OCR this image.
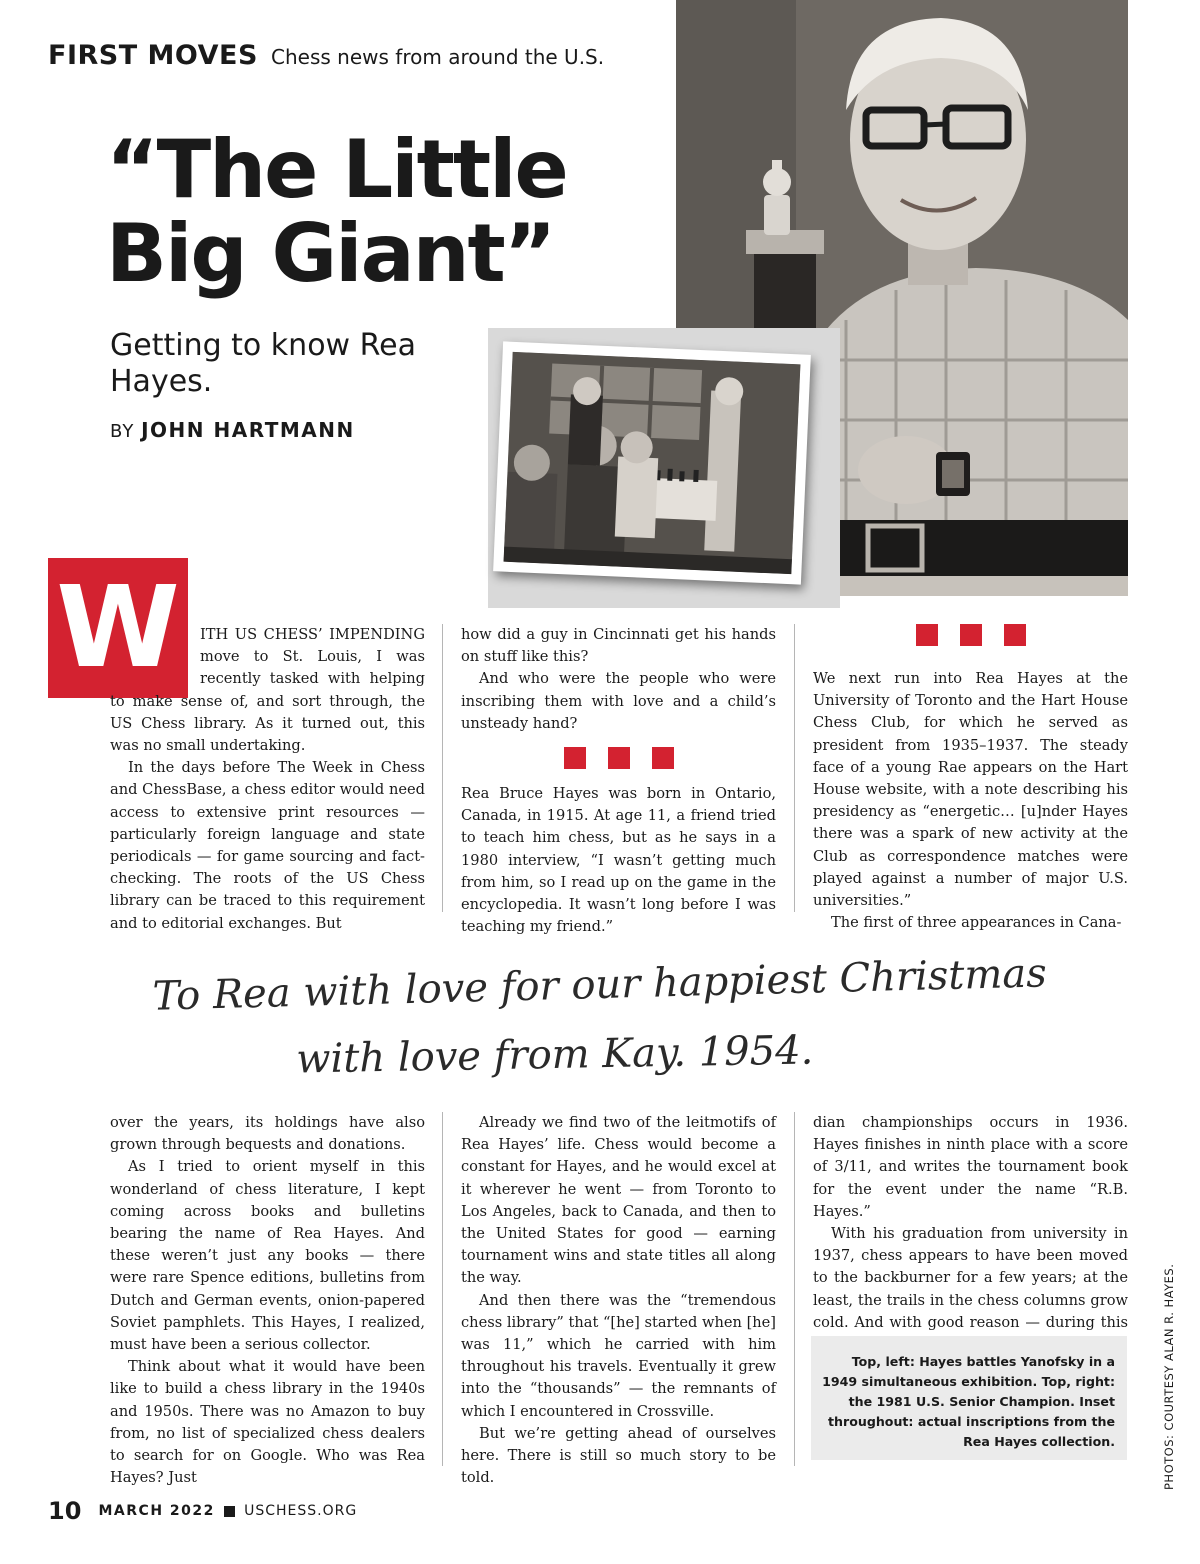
FIRST MOVES Chess news from around the U.S.
“The Little
Big Giant”
Getting to know Rea Hayes.
BY JOHN HARTMANN
W	ITH US CHESS’ IMPENDING move to St. Louis, I was recently tasked with helping to make sense of, and sort through, the US Chess library. As it turned out, this was no small undertaking.

In the days before The Week in Chess and ChessBase, a chess editor would need access to extensive print resources — particularly foreign language and state periodicals — for game sourcing and fact-checking. The roots of the US Chess library can be traced to this requirement and to editorial exchanges. But

how did a guy in Cincinnati get his hands on stuff like this?

And who were the people who were inscribing them with love and a child’s unsteady hand?

Rea Bruce Hayes was born in Ontario, Canada, in 1915. At age 11, a friend tried to teach him chess, but as he says in a 1980 interview, “I wasn’t getting much from him, so I read up on the game in the encyclopedia. It wasn’t long before I was teaching my friend.”

We next run into Rea Hayes at the University of Toronto and the Hart House Chess Club, for which he served as president from 1935–1937. The steady face of a young Rae appears on the Hart House website, with a note describing his presidency as “energetic… [u]nder Hayes there was a spark of new activity at the Club as correspondence matches were played against a number of major U.S. universities.”

The first of three appearances in Cana-

To Rea with love for our happiest Christmas
with love from Kay. 1954.

over the years, its holdings have also grown through bequests and donations.

As I tried to orient myself in this wonderland of chess literature, I kept coming across books and bulletins bearing the name of Rea Hayes. And these weren’t just any books — there were rare Spence editions, bulletins from Dutch and German events, onion-papered Soviet pamphlets. This Hayes, I realized, must have been a serious collector.

Think about what it would have been like to build a chess library in the 1940s and 1950s. There was no Amazon to buy from, no list of specialized chess dealers to search for on Google. Who was Rea Hayes? Just

Already we find two of the leitmotifs of Rea Hayes’ life. Chess would become a constant for Hayes, and he would excel at it wherever he went — from Toronto to Los Angeles, back to Canada, and then to the United States for good — earning tournament wins and state titles all along the way.

And then there was the “tremendous chess library” that “[he] started when [he] was 11,” which he carried with him throughout his travels. Eventually it grew into the “thousands” — the remnants of which I encountered in Crossville.

But we’re getting ahead of ourselves here. There is still so much story to be told.

dian championships occurs in 1936. Hayes finishes in ninth place with a score of 3/11, and writes the tournament book for the event under the name “R.B. Hayes.”

With his graduation from university in 1937, chess appears to have been moved to the backburner for a few years; at the least, the trails in the chess columns grow cold. And with good reason — during this

Top, left: Hayes battles Yanofsky in a 1949 simultaneous exhibition. Top, right: the 1981 U.S. Senior Champion. Inset throughout: actual inscriptions from the Rea Hayes collection.	PHOTOS: COURTESY ALAN R. HAYES.
10 MARCH 2022 USCHESS.ORG
